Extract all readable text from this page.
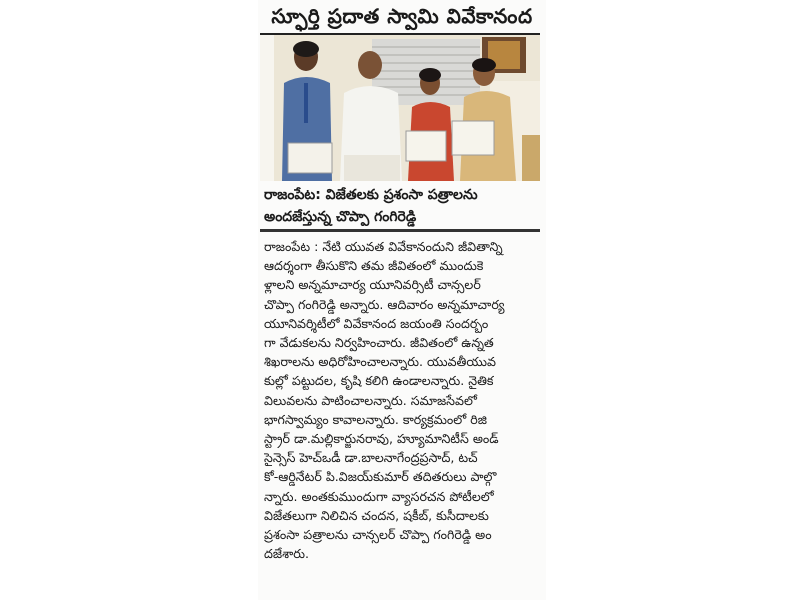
స్ఫూర్తి ప్రదాత స్వామి వివేకానంద
రాజంపేట: విజేతలకు ప్రశంసా పత్రాలను
అందజేస్తున్న చొప్పా గంగిరెడ్డి
రాజంపేట : నేటి యువత వివేకానందుని జీవితాన్ని
ఆదర్శంగా తీసుకొని తమ జీవితంలో ముందుకె
ళ్లాలని అన్నమాచార్య యూనివర్సిటీ చాన్సలర్
చొప్పా గంగిరెడ్డి అన్నారు. ఆదివారం అన్నమాచార్య
యూనివర్శిటీలో వివేకానంద జయంతి సందర్భం
గా వేడుకలను నిర్వహించారు. జీవితంలో ఉన్నత
శిఖరాలను అధిరోహించాలన్నారు. యువతీయువ
కుల్లో పట్టుదల, కృషి కలిగి ఉండాలన్నారు. నైతిక
విలువలను పాటించాలన్నారు. సమాజసేవలో
భాగస్వామ్యం కావాలన్నారు. కార్యక్రమంలో రిజి
స్ట్రార్ డా.మల్లికార్జునరావు, హ్యూమానిటీస్ అండ్
సైన్సెస్ హెచ్ఒడీ డా.బాలనాగేంద్రప్రసాద్, టచ్
కో-ఆర్డినేటర్ పి.విజయ్‌కుమార్ తదితరులు పాల్గొ
న్నారు. అంతకుముందుగా వ్యాసరచన పోటీలలో
విజేతలుగా నిలిచిన చందన, షకీబ్, కుసీదాలకు
ప్రశంసా పత్రాలను చాన్సలర్ చొప్పా గంగిరెడ్డి అం
దజేశారు.
